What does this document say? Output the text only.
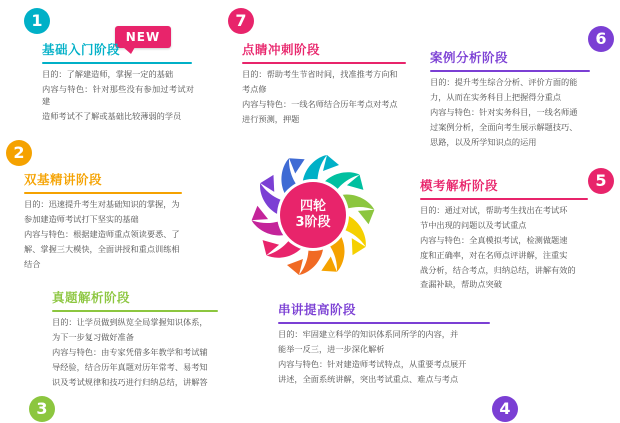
NEW
1
基础入门阶段

目的：了解建造师，掌握一定的基础

内容与特色：针对那些没有参加过考试对建

造师考试不了解或基础比较薄弱的学员

2
双基精讲阶段

目的：迅速提升考生对基础知识的掌握，为

参加建造师考试打下坚实的基础

内容与特色：根据建造师重点领读要悉、了

解、掌握三大模快，全面讲授和重点训练相

结合

3
真题解析阶段

目的：让学员做到纵览全局掌握知识体系，

为下一步复习做好准备

内容与特色：由专家凭借多年教学和考试辅

导经验，结合历年真题对历年常考、易考知

识及考试规律和技巧进行归纳总结，讲解答

4
串讲提高阶段

目的：牢固建立科学的知识体系同所学的内容，并

能举一反三，进一步深化解析

内容与特色：针对建造师考试特点，从重要考点展开

讲述，全面系统讲解，突出考试重点、难点与考点

5
模考解析阶段

目的：通过对试，帮助考生找出在考试环

节中出现的问题以及考试重点

内容与特色：全真模拟考试，检测做题速

度和正确率，对在名师点评讲解，注重实

战分析，结合考点，归纳总结，讲解有效的

查漏补缺，帮助点突破

6
案例分析阶段

目的：提升考生综合分析、评价方面的能

力，从而在实务科目上把握得分重点

内容与特色：针对实务科目，一线名师通

过案例分析，全面向考生展示解题技巧、

思路，以及所学知识点的运用

7
点睛冲刺阶段

目的：帮助考生节省时间，找准推考方向和

考点修

内容与特色：一线名师结合历年考点对考点

进行预测，押题

四轮
3阶段
